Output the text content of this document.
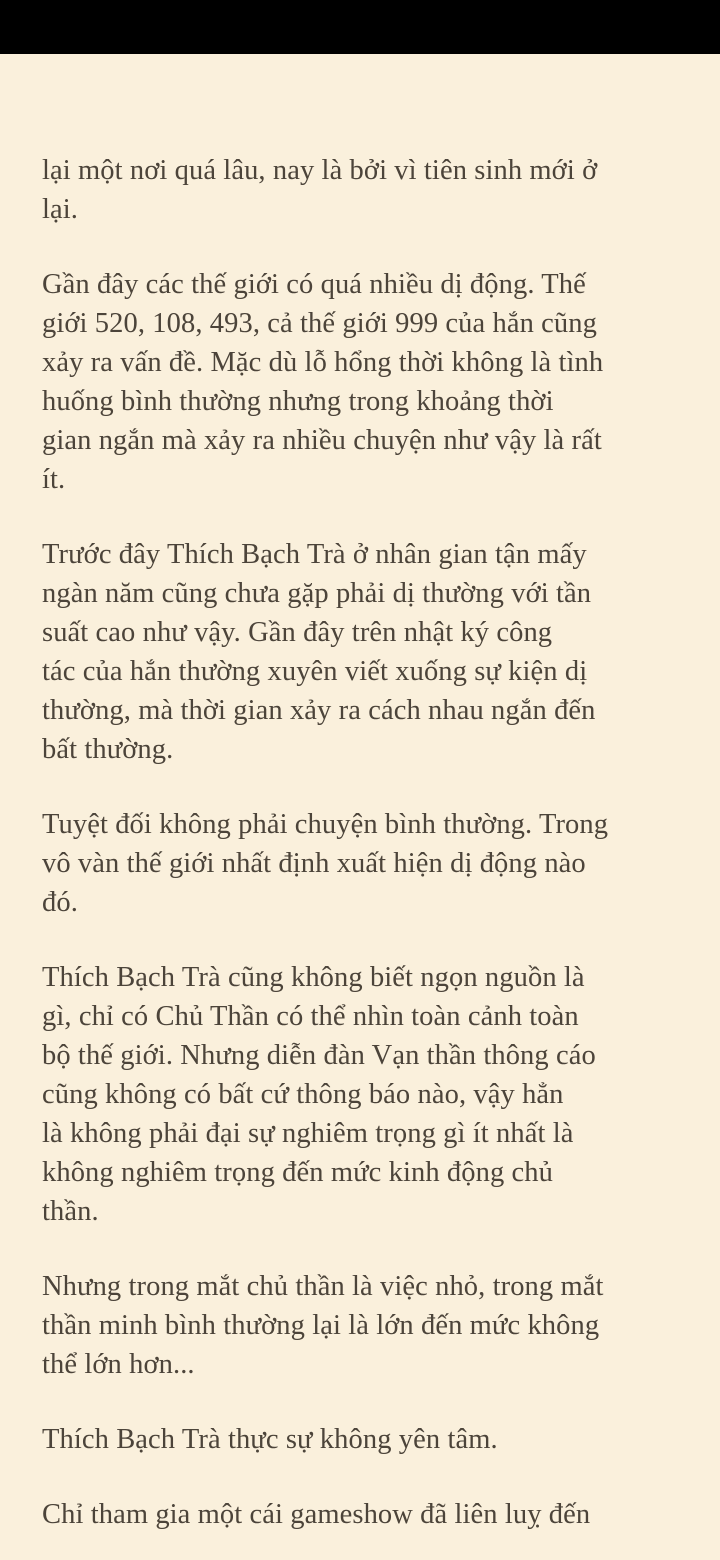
lại một nơi quá lâu, nay là bởi vì tiên sinh mới ở
lại.
Gần đây các thế giới có quá nhiều dị động. Thế
giới 520, 108, 493, cả thế giới 999 của hắn cũng
xảy ra vấn đề. Mặc dù lỗ hổng thời không là tình
huống bình thường nhưng trong khoảng thời
gian ngắn mà xảy ra nhiều chuyện như vậy là rất
ít.
Trước đây Thích Bạch Trà ở nhân gian tận mấy
ngàn năm cũng chưa gặp phải dị thường với tần
suất cao như vậy. Gần đây trên nhật ký công
tác của hắn thường xuyên viết xuống sự kiện dị
thường, mà thời gian xảy ra cách nhau ngắn đến
bất thường.
Tuyệt đối không phải chuyện bình thường. Trong
vô vàn thế giới nhất định xuất hiện dị động nào
đó.
Thích Bạch Trà cũng không biết ngọn nguồn là
gì, chỉ có Chủ Thần có thể nhìn toàn cảnh toàn
bộ thế giới. Nhưng diễn đàn Vạn thần thông cáo
cũng không có bất cứ thông báo nào, vậy hẳn
là không phải đại sự nghiêm trọng gì ít nhất là
không nghiêm trọng đến mức kinh động chủ
thần.
Nhưng trong mắt chủ thần là việc nhỏ, trong mắt
thần minh bình thường lại là lớn đến mức không
thể lớn hơn...
Thích Bạch Trà thực sự không yên tâm.
Chỉ tham gia một cái gameshow đã liên luỵ đến
